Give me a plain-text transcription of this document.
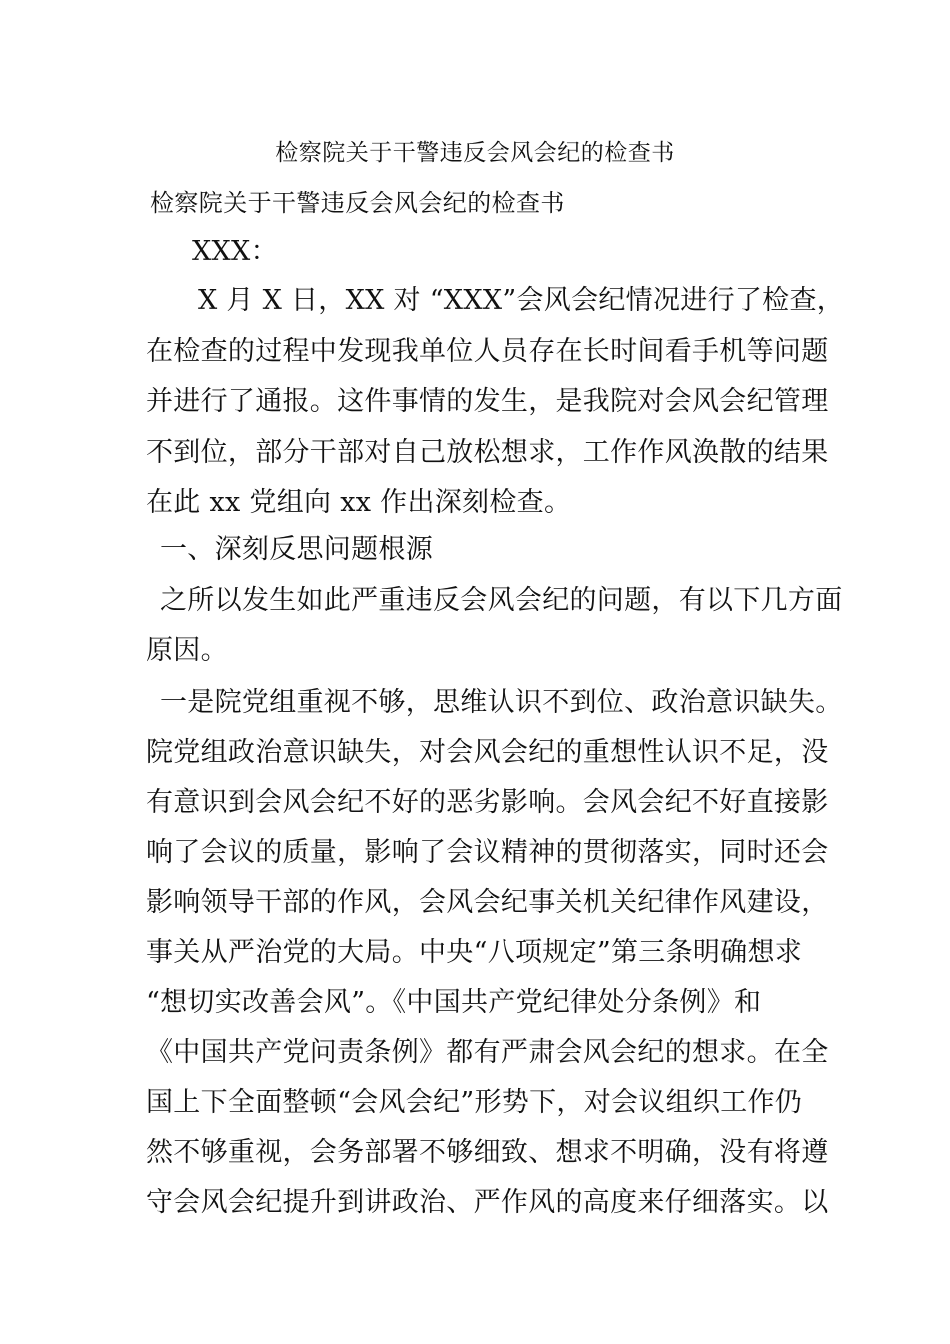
检察院关于干警违反会风会纪的检查书
检察院关于干警违反会风会纪的检查书
XXX：
X 月 X 日，XX 对 “XXX”会风会纪情况进行了检查，
在检查的过程中发现我单位人员存在长时间看手机等问题
并进行了通报。这件事情的发生，是我院对会风会纪管理
不到位，部分干部对自己放松想求，工作作风涣散的结果
在此 xx 党组向 xx 作出深刻检查。
一、深刻反思问题根源
之所以发生如此严重违反会风会纪的问题，有以下几方面
原因。
一是院党组重视不够，思维认识不到位、政治意识缺失。
院党组政治意识缺失，对会风会纪的重想性认识不足，没
有意识到会风会纪不好的恶劣影响。会风会纪不好直接影
响了会议的质量，影响了会议精神的贯彻落实，同时还会
影响领导干部的作风，会风会纪事关机关纪律作风建设，
事关从严治党的大局。中央“八项规定”第三条明确想求
“想切实改善会风”。《中国共产党纪律处分条例》和
《中国共产党问责条例》都有严肃会风会纪的想求。在全
国上下全面整顿“会风会纪”形势下，对会议组织工作仍
然不够重视，会务部署不够细致、想求不明确，没有将遵
守会风会纪提升到讲政治、严作风的高度来仔细落实。以
